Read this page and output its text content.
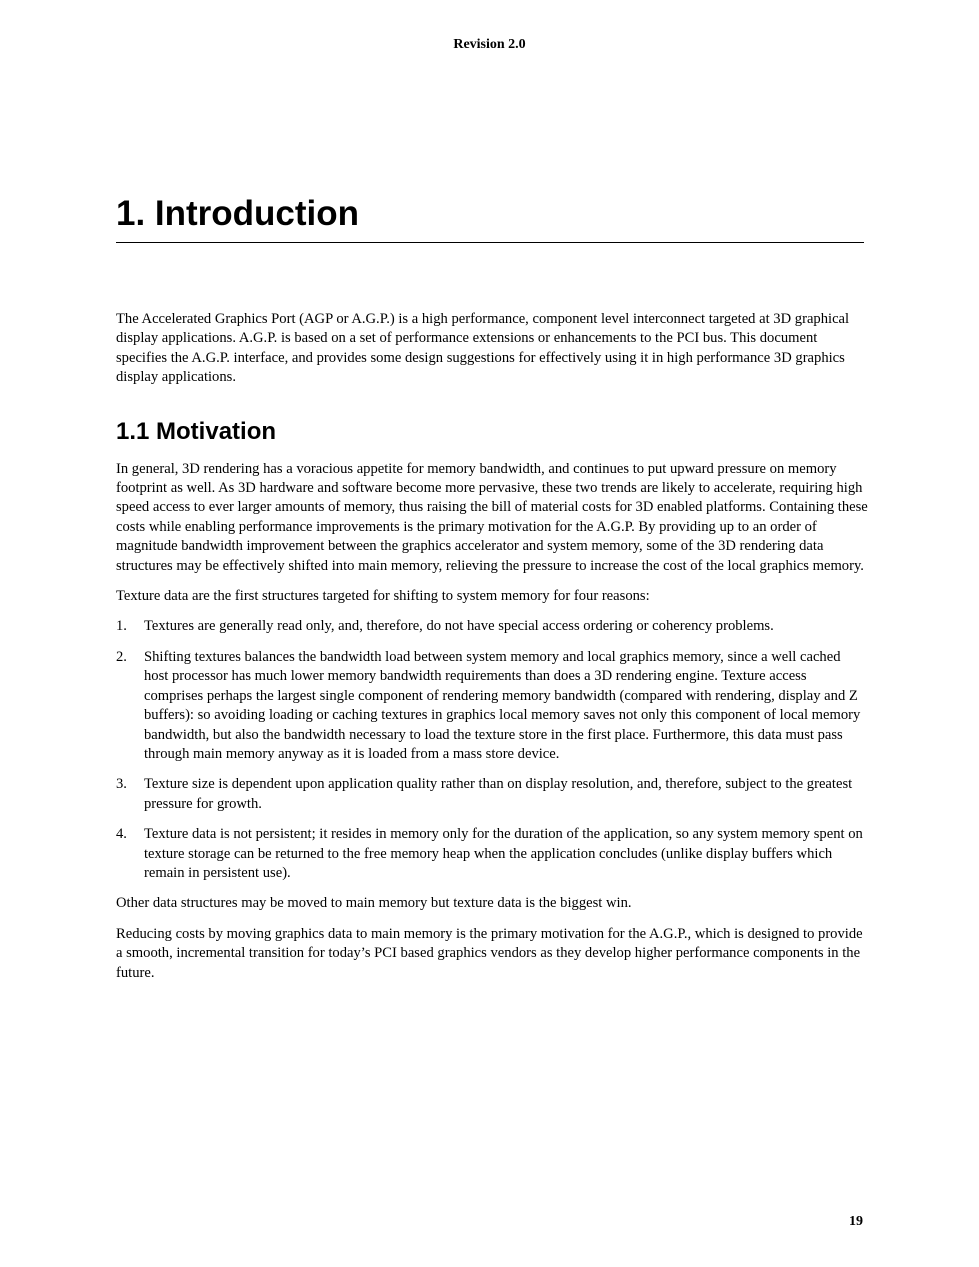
Revision 2.0
1. Introduction

The Accelerated Graphics Port (AGP or A.G.P.) is a high performance, component level interconnect targeted at 3D graphical display applications. A.G.P. is based on a set of performance extensions or enhancements to the PCI bus. This document specifies the A.G.P. interface, and provides some design suggestions for effectively using it in high performance 3D graphics display applications.

1.1 Motivation

In general, 3D rendering has a voracious appetite for memory bandwidth, and continues to put upward pressure on memory footprint as well. As 3D hardware and software become more pervasive, these two trends are likely to accelerate, requiring high speed access to ever larger amounts of memory, thus raising the bill of material costs for 3D enabled platforms. Containing these costs while enabling performance improvements is the primary motivation for the A.G.P. By providing up to an order of magnitude bandwidth improvement between the graphics accelerator and system memory, some of the 3D rendering data structures may be effectively shifted into main memory, relieving the pressure to increase the cost of the local graphics memory.

Texture data are the first structures targeted for shifting to system memory for four reasons:

1. Textures are generally read only, and, therefore, do not have special access ordering or coherency problems.
2. Shifting textures balances the bandwidth load between system memory and local graphics memory, since a well cached host processor has much lower memory bandwidth requirements than does a 3D rendering engine. Texture access comprises perhaps the largest single component of rendering memory bandwidth (compared with rendering, display and Z buffers): so avoiding loading or caching textures in graphics local memory saves not only this component of local memory bandwidth, but also the bandwidth necessary to load the texture store in the first place. Furthermore, this data must pass through main memory anyway as it is loaded from a mass store device.
3. Texture size is dependent upon application quality rather than on display resolution, and, therefore, subject to the greatest pressure for growth.
4. Texture data is not persistent; it resides in memory only for the duration of the application, so any system memory spent on texture storage can be returned to the free memory heap when the application concludes (unlike display buffers which remain in persistent use).

Other data structures may be moved to main memory but texture data is the biggest win.

Reducing costs by moving graphics data to main memory is the primary motivation for the A.G.P., which is designed to provide a smooth, incremental transition for today’s PCI based graphics vendors as they develop higher performance components in the future.

19
